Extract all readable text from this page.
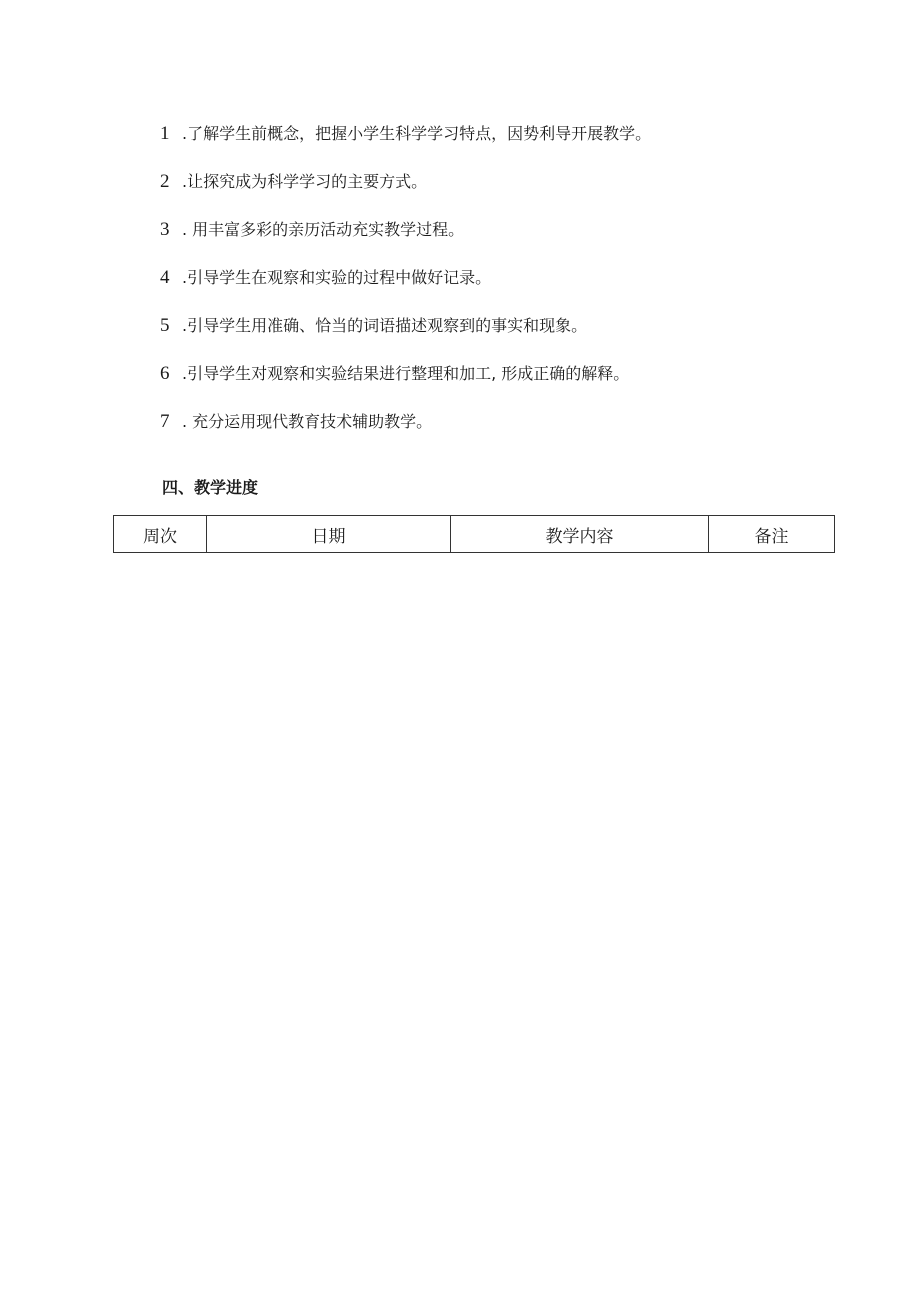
1 .了解学生前概念，把握小学生科学学习特点，因势利导开展教学。
2 .让探究成为科学学习的主要方式。
3 . 用丰富多彩的亲历活动充实教学过程。
4 .引导学生在观察和实验的过程中做好记录。
5 .引导学生用准确、恰当的词语描述观察到的事实和现象。
6 .引导学生对观察和实验结果进行整理和加工, 形成正确的解释。
7 . 充分运用现代教育技术辅助教学。
四、教学进度
周次	日期	教学内容	备注
